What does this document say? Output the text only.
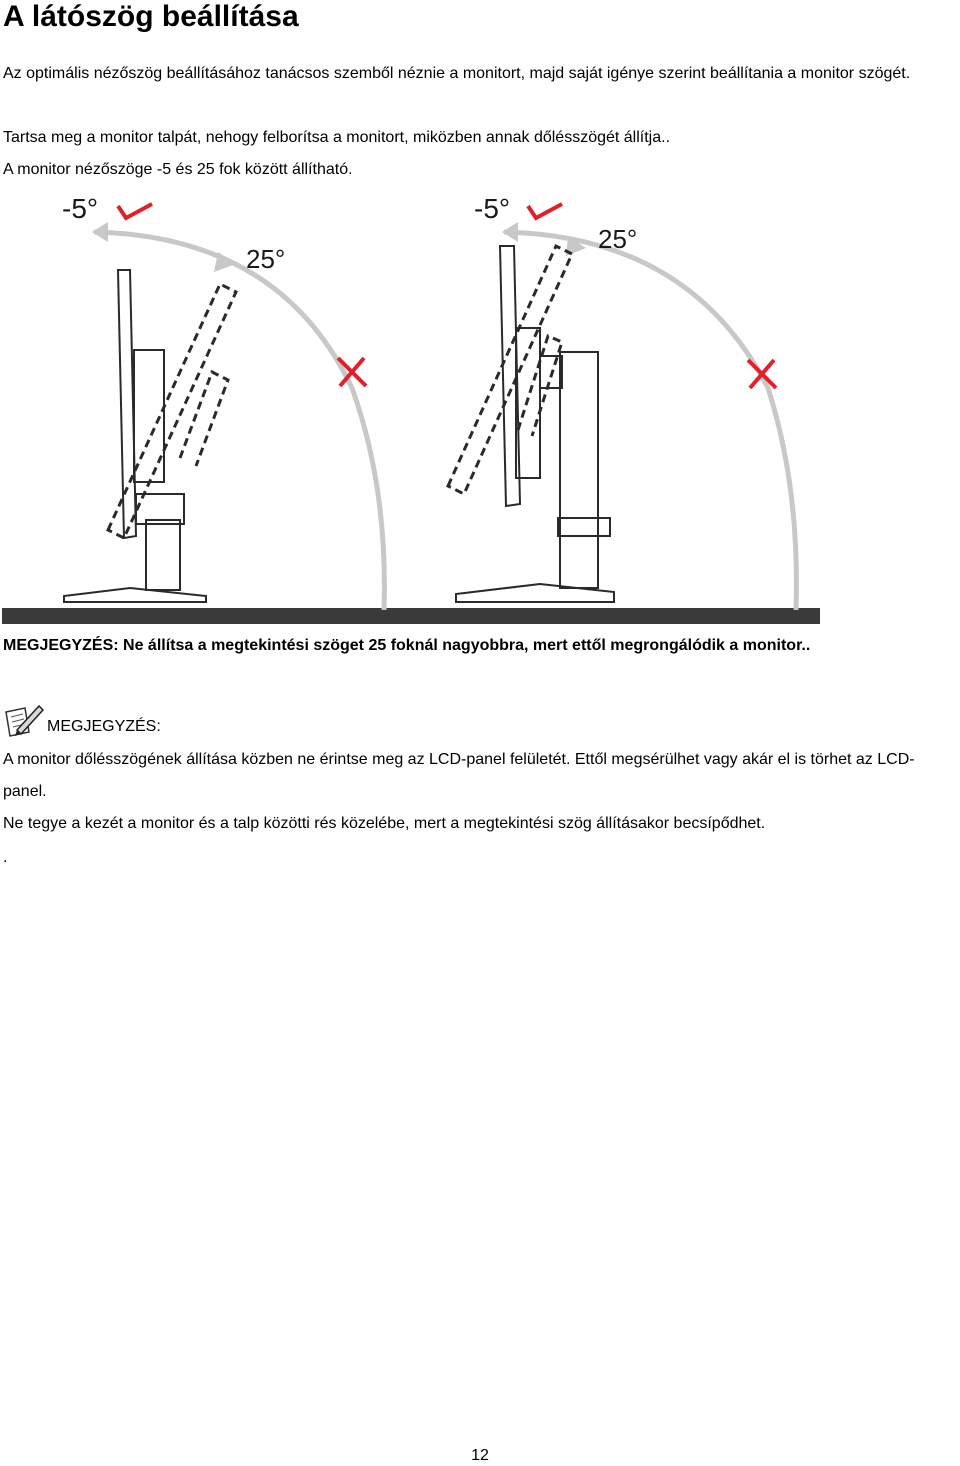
A látószög beállítása
Az optimális nézőszög beállításához tanácsos szemből néznie a monitort, majd saját igénye szerint beállítania a monitor szögét.
Tartsa meg a monitor talpát, nehogy felborítsa a monitort, miközben annak dőlésszögét állítja..
A monitor nézőszöge -5 és 25 fok között állítható.
-5°
25°
-5°
25°
MEGJEGYZÉS: Ne állítsa a megtekintési szöget 25 foknál nagyobbra, mert ettől megrongálódik a monitor..
MEGJEGYZÉS:
A monitor dőlésszögének állítása közben ne érintse meg az LCD-panel felületét. Ettől megsérülhet vagy akár el is törhet az LCD-panel.
Ne tegye a kezét a monitor és a talp közötti rés közelébe, mert a megtekintési szög állításakor becsípődhet.
.
12
